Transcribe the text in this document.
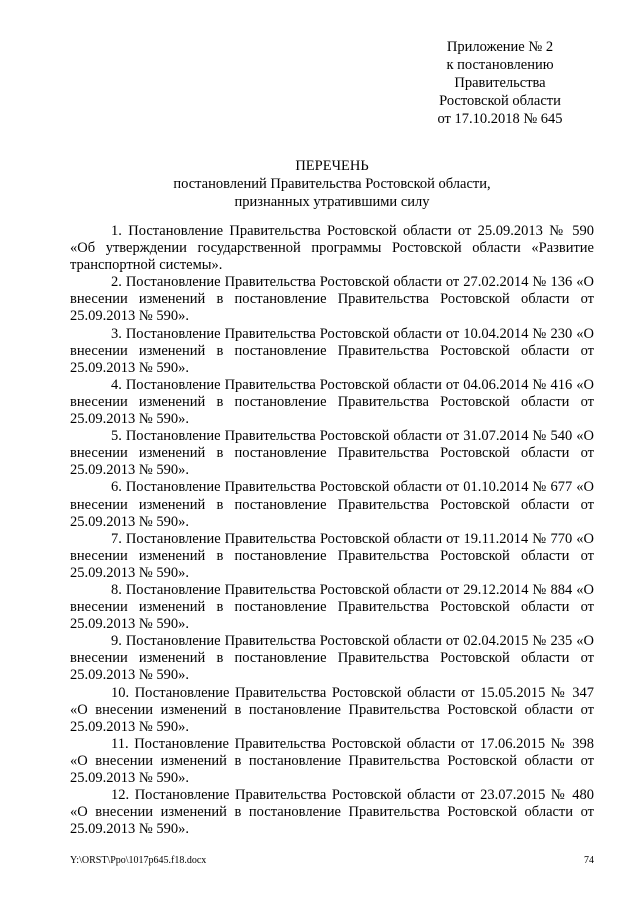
Приложение № 2
к постановлению
Правительства
Ростовской области
от 17.10.2018 № 645
ПЕРЕЧЕНЬ
постановлений Правительства Ростовской области,
признанных утратившими силу

1. Постановление Правительства Ростовской области от 25.09.2013 № 590 «Об утверждении государственной программы Ростовской области «Развитие транспортной системы».

2. Постановление Правительства Ростовской области от 27.02.2014 № 136 «О внесении изменений в постановление Правительства Ростовской области от 25.09.2013 № 590».

3. Постановление Правительства Ростовской области от 10.04.2014 № 230 «О внесении изменений в постановление Правительства Ростовской области от 25.09.2013 № 590».

4. Постановление Правительства Ростовской области от 04.06.2014 № 416 «О внесении изменений в постановление Правительства Ростовской области от 25.09.2013 № 590».

5. Постановление Правительства Ростовской области от 31.07.2014 № 540 «О внесении изменений в постановление Правительства Ростовской области от 25.09.2013 № 590».

6. Постановление Правительства Ростовской области от 01.10.2014 № 677 «О внесении изменений в постановление Правительства Ростовской области от 25.09.2013 № 590».

7. Постановление Правительства Ростовской области от 19.11.2014 № 770 «О внесении изменений в постановление Правительства Ростовской области от 25.09.2013 № 590».

8. Постановление Правительства Ростовской области от 29.12.2014 № 884 «О внесении изменений в постановление Правительства Ростовской области от 25.09.2013 № 590».

9. Постановление Правительства Ростовской области от 02.04.2015 № 235 «О внесении изменений в постановление Правительства Ростовской области от 25.09.2013 № 590».

10. Постановление Правительства Ростовской области от 15.05.2015 № 347 «О внесении изменений в постановление Правительства Ростовской области от 25.09.2013 № 590».

11. Постановление Правительства Ростовской области от 17.06.2015 № 398 «О внесении изменений в постановление Правительства Ростовской области от 25.09.2013 № 590».

12. Постановление Правительства Ростовской области от 23.07.2015 № 480 «О внесении изменений в постановление Правительства Ростовской области от 25.09.2013 № 590».

Y:\ORST\Ppo\1017p645.f18.docx	74
